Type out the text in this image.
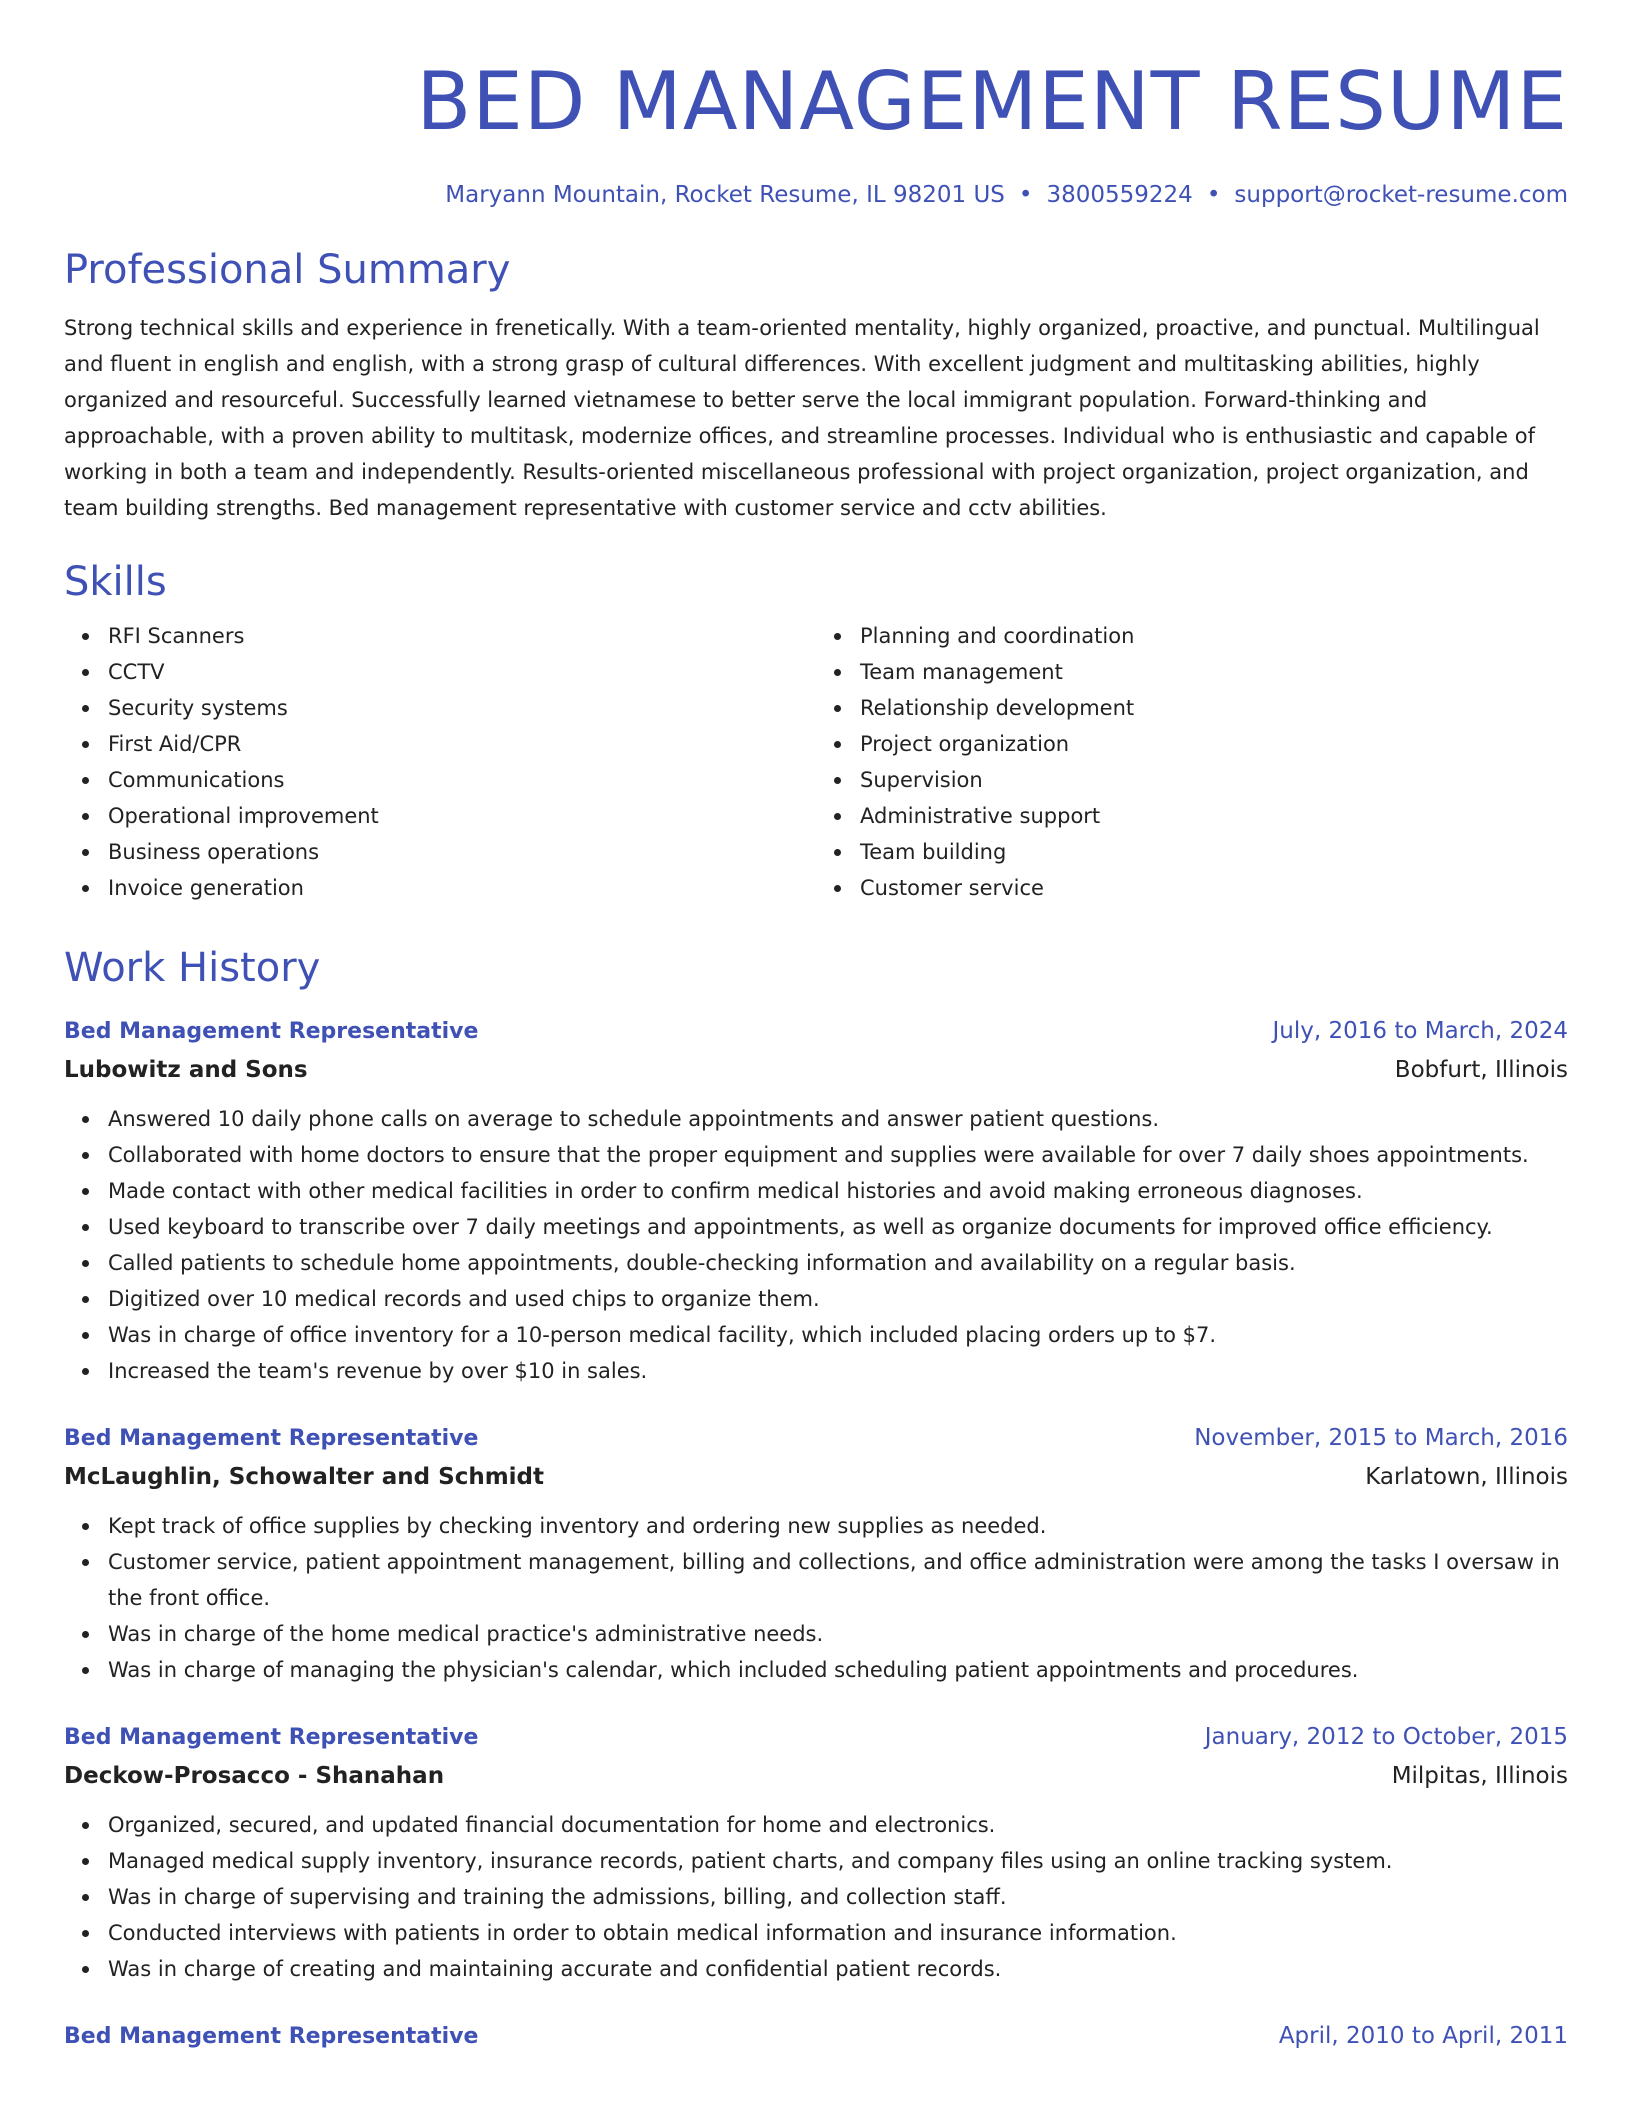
BED MANAGEMENT RESUME
Maryann Mountain, Rocket Resume, IL 98201 US • 3800559224 • support@rocket-resume.com
Professional Summary

Strong technical skills and experience in frenetically. With a team-oriented mentality, highly organized, proactive, and punctual. Multilingual and fluent in english and english, with a strong grasp of cultural differences. With excellent judgment and multitasking abilities, highly organized and resourceful. Successfully learned vietnamese to better serve the local immigrant population. Forward-thinking and approachable, with a proven ability to multitask, modernize offices, and streamline processes. Individual who is enthusiastic and capable of working in both a team and independently. Results-oriented miscellaneous professional with project organization, project organization, and team building strengths. Bed management representative with customer service and cctv abilities.

Skills
RFI Scanners
CCTV
Security systems
First Aid/CPR
Communications
Operational improvement
Business operations
Invoice generation
Planning and coordination
Team management
Relationship development
Project organization
Supervision
Administrative support
Team building
Customer service
Work History
Bed Management Representative	July, 2016 to March, 2024
Lubowitz and Sons	Bobfurt, Illinois
Answered 10 daily phone calls on average to schedule appointments and answer patient questions.
Collaborated with home doctors to ensure that the proper equipment and supplies were available for over 7 daily shoes appointments.
Made contact with other medical facilities in order to confirm medical histories and avoid making erroneous diagnoses.
Used keyboard to transcribe over 7 daily meetings and appointments, as well as organize documents for improved office efficiency.
Called patients to schedule home appointments, double-checking information and availability on a regular basis.
Digitized over 10 medical records and used chips to organize them.
Was in charge of office inventory for a 10-person medical facility, which included placing orders up to $7.
Increased the team's revenue by over $10 in sales.
Bed Management Representative	November, 2015 to March, 2016
McLaughlin, Schowalter and Schmidt	Karlatown, Illinois
Kept track of office supplies by checking inventory and ordering new supplies as needed.
Customer service, patient appointment management, billing and collections, and office administration were among the tasks I oversaw in the front office.
Was in charge of the home medical practice's administrative needs.
Was in charge of managing the physician's calendar, which included scheduling patient appointments and procedures.
Bed Management Representative	January, 2012 to October, 2015
Deckow-Prosacco - Shanahan	Milpitas, Illinois
Organized, secured, and updated financial documentation for home and electronics.
Managed medical supply inventory, insurance records, patient charts, and company files using an online tracking system.
Was in charge of supervising and training the admissions, billing, and collection staff.
Conducted interviews with patients in order to obtain medical information and insurance information.
Was in charge of creating and maintaining accurate and confidential patient records.
Bed Management Representative	April, 2010 to April, 2011
